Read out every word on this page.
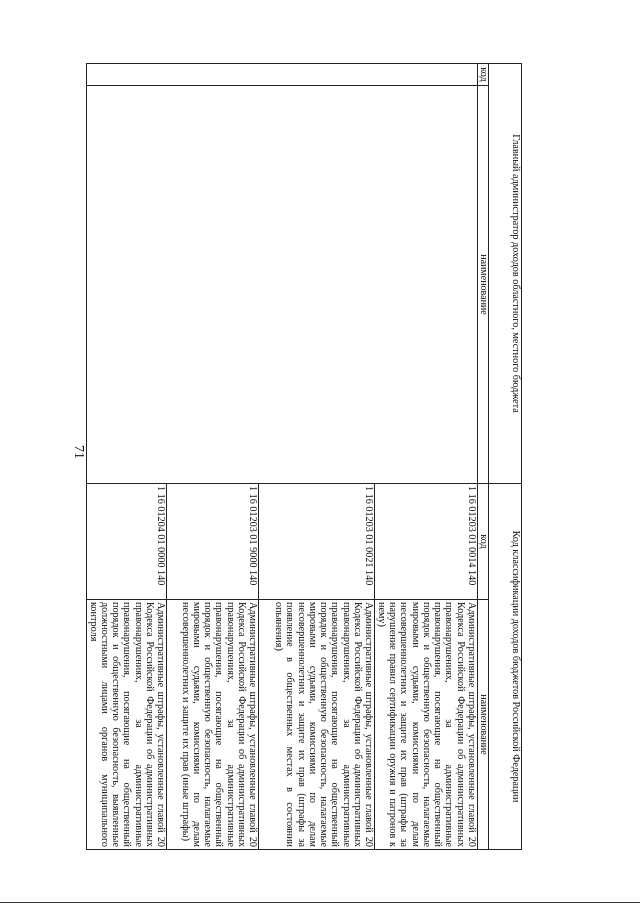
71
Главный администратор доходов областного, местного бюджета		Код классификации доходов бюджетов Российской Федерации	
код	наименование	код	наименование
		1 16 01203 01 0014 140	Административные штрафы, установленные главой 20 Кодекса Российской Федерации об административных правонарушениях, за административные правонарушения, посягающие на общественный порядок и общественную безопасность, налагаемые мировыми судьями, комиссиями по делам несовершеннолетних и защите их прав (штрафы за нарушение правил сертификации оружия и патронов к нему)
		1 16 01203 01 0021 140	Административные штрафы, установленные главой 20 Кодекса Российской Федерации об административных правонарушениях, за административные правонарушения, посягающие на общественный порядок и общественную безопасность, налагаемые мировыми судьями, комиссиями по делам несовершеннолетних и защите их прав (штрафы за появление в общественных местах в состоянии опьянения)
		1 16 01203 01 9000 140	Административные штрафы, установленные главой 20 Кодекса Российской Федерации об административных правонарушениях, за административные правонарушения, посягающие на общественный порядок и общественную безопасность, налагаемые мировыми судьями, комиссиями по делам несовершеннолетних и защите их прав (иные штрафы)
		1 16 01204 01 0000 140	Административные штрафы, установленные главой 20 Кодекса Российской Федерации об административных правонарушениях, за административные правонарушения, посягающие на общественный порядок и общественную безопасность, выявленные должностными лицами органов муниципального контроля
